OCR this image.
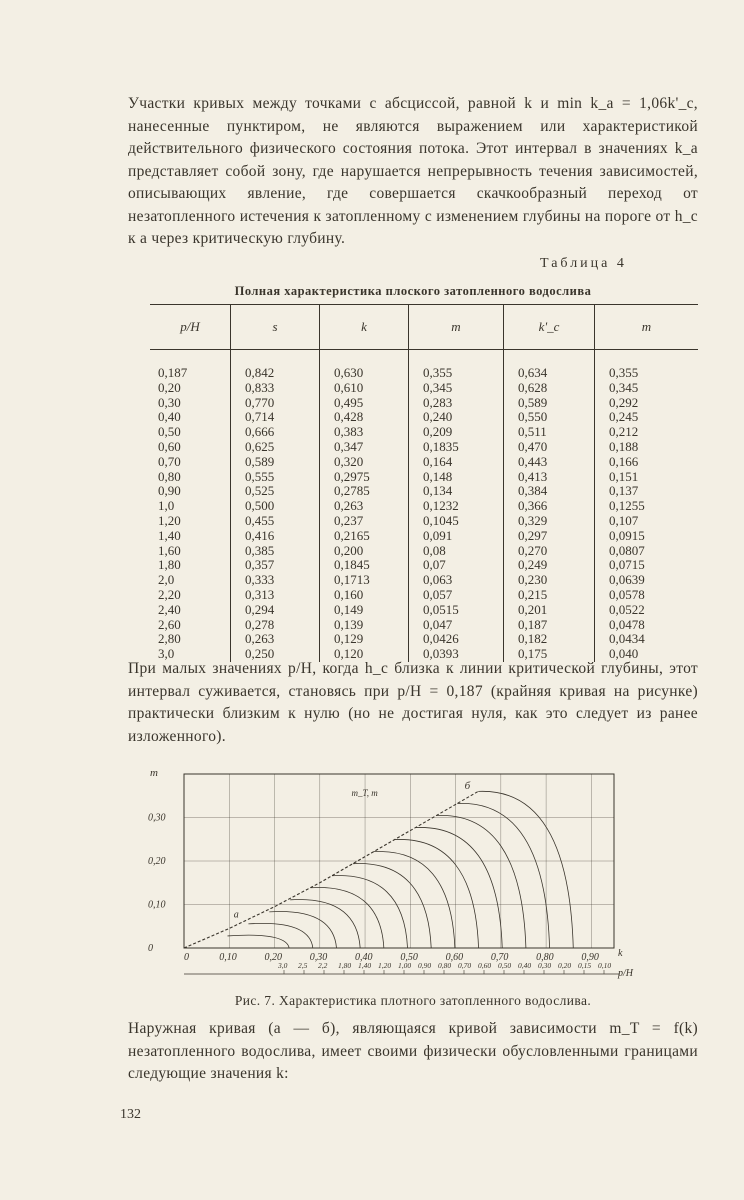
Участки кривых между точками с абсциссой, равной k и min k_a = 1,06k'_c, нанесенные пунктиром, не являются выражением или характеристикой действительного физического состояния потока. Этот интервал в значениях k_a представляет собой зону, где нарушается непрерывность течения зависимостей, описывающих явление, где совершается скачкообразный переход от незатопленного истечения к затопленному с изменением глубины на пороге от h_c к a через критическую глубину.

Таблица 4
Полная характеристика плоского затопленного водослива
p/H	s	k	m	k'_c	m

0,187	0,842	0,630	0,355	0,634	0,355
0,20	0,833	0,610	0,345	0,628	0,345
0,30	0,770	0,495	0,283	0,589	0,292
0,40	0,714	0,428	0,240	0,550	0,245
0,50	0,666	0,383	0,209	0,511	0,212
0,60	0,625	0,347	0,1835	0,470	0,188
0,70	0,589	0,320	0,164	0,443	0,166
0,80	0,555	0,2975	0,148	0,413	0,151
0,90	0,525	0,2785	0,134	0,384	0,137
1,0	0,500	0,263	0,1232	0,366	0,1255
1,20	0,455	0,237	0,1045	0,329	0,107
1,40	0,416	0,2165	0,091	0,297	0,0915
1,60	0,385	0,200	0,08	0,270	0,0807
1,80	0,357	0,1845	0,07	0,249	0,0715
2,0	0,333	0,1713	0,063	0,230	0,0639
2,20	0,313	0,160	0,057	0,215	0,0578
2,40	0,294	0,149	0,0515	0,201	0,0522
2,60	0,278	0,139	0,047	0,187	0,0478
2,80	0,263	0,129	0,0426	0,182	0,0434
3,0	0,250	0,120	0,0393	0,175	0,040

При малых значениях p/H, когда h_c близка к линии критической глубины, этот интервал суживается, становясь при p/H = 0,187 (крайняя кривая на рисунке) практически близким к нулю (но не достигая нуля, как это следует из ранее изложенного).

0	0,10	0,20	0,30	0,40	0,50	0,60	0,70	0,80	0,90 k
0
0,10
0,20
0,30
m
3,0 2,5 2,2 1,80 1,40 1,20 1,00 0,90 0,80 0,70 0,60 0,50 0,40 0,30 0,20 0,15 0,10
p/H
m_T, m
б
а
Рис. 7. Характеристика плотного затопленного водослива.

Наружная кривая (а — б), являющаяся кривой зависимости m_T = f(k) незатопленного водослива, имеет своими физически обусловленными границами следующие значения k:

132
